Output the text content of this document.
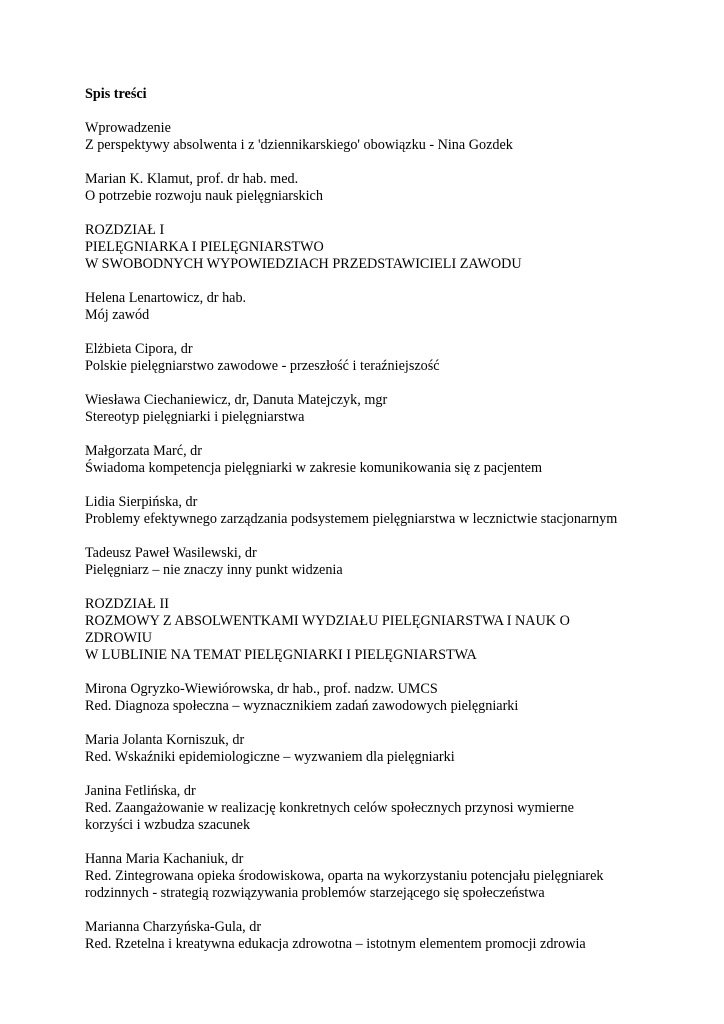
Spis treści
Wprowadzenie
Z perspektywy absolwenta i z 'dziennikarskiego' obowiązku - Nina Gozdek
Marian K. Klamut, prof. dr hab. med.
O potrzebie rozwoju nauk pielęgniarskich
ROZDZIAŁ I
PIELĘGNIARKA I PIELĘGNIARSTWO
W SWOBODNYCH WYPOWIEDZIACH PRZEDSTAWICIELI ZAWODU
Helena Lenartowicz, dr hab.
Mój zawód
Elżbieta Cipora, dr
Polskie pielęgniarstwo zawodowe - przeszłość i teraźniejszość
Wiesława Ciechaniewicz, dr, Danuta Matejczyk, mgr
Stereotyp pielęgniarki i pielęgniarstwa
Małgorzata Marć, dr
Świadoma kompetencja pielęgniarki w zakresie komunikowania się z pacjentem
Lidia Sierpińska, dr
Problemy efektywnego zarządzania podsystemem pielęgniarstwa w lecznictwie stacjonarnym
Tadeusz Paweł Wasilewski, dr
Pielęgniarz – nie znaczy inny punkt widzenia
ROZDZIAŁ II
ROZMOWY Z ABSOLWENTKAMI WYDZIAŁU PIELĘGNIARSTWA I NAUK O
ZDROWIU
W LUBLINIE NA TEMAT PIELĘGNIARKI I PIELĘGNIARSTWA
Mirona Ogryzko-Wiewiórowska, dr hab., prof. nadzw. UMCS
Red. Diagnoza społeczna – wyznacznikiem zadań zawodowych pielęgniarki
Maria Jolanta Korniszuk, dr
Red. Wskaźniki epidemiologiczne – wyzwaniem dla pielęgniarki
Janina Fetlińska, dr
Red. Zaangażowanie w realizację konkretnych celów społecznych przynosi wymierne
korzyści i wzbudza szacunek
Hanna Maria Kachaniuk, dr
Red. Zintegrowana opieka środowiskowa, oparta na wykorzystaniu potencjału pielęgniarek
rodzinnych - strategią rozwiązywania problemów starzejącego się społeczeństwa
Marianna Charzyńska-Gula, dr
Red. Rzetelna i kreatywna edukacja zdrowotna – istotnym elementem promocji zdrowia
